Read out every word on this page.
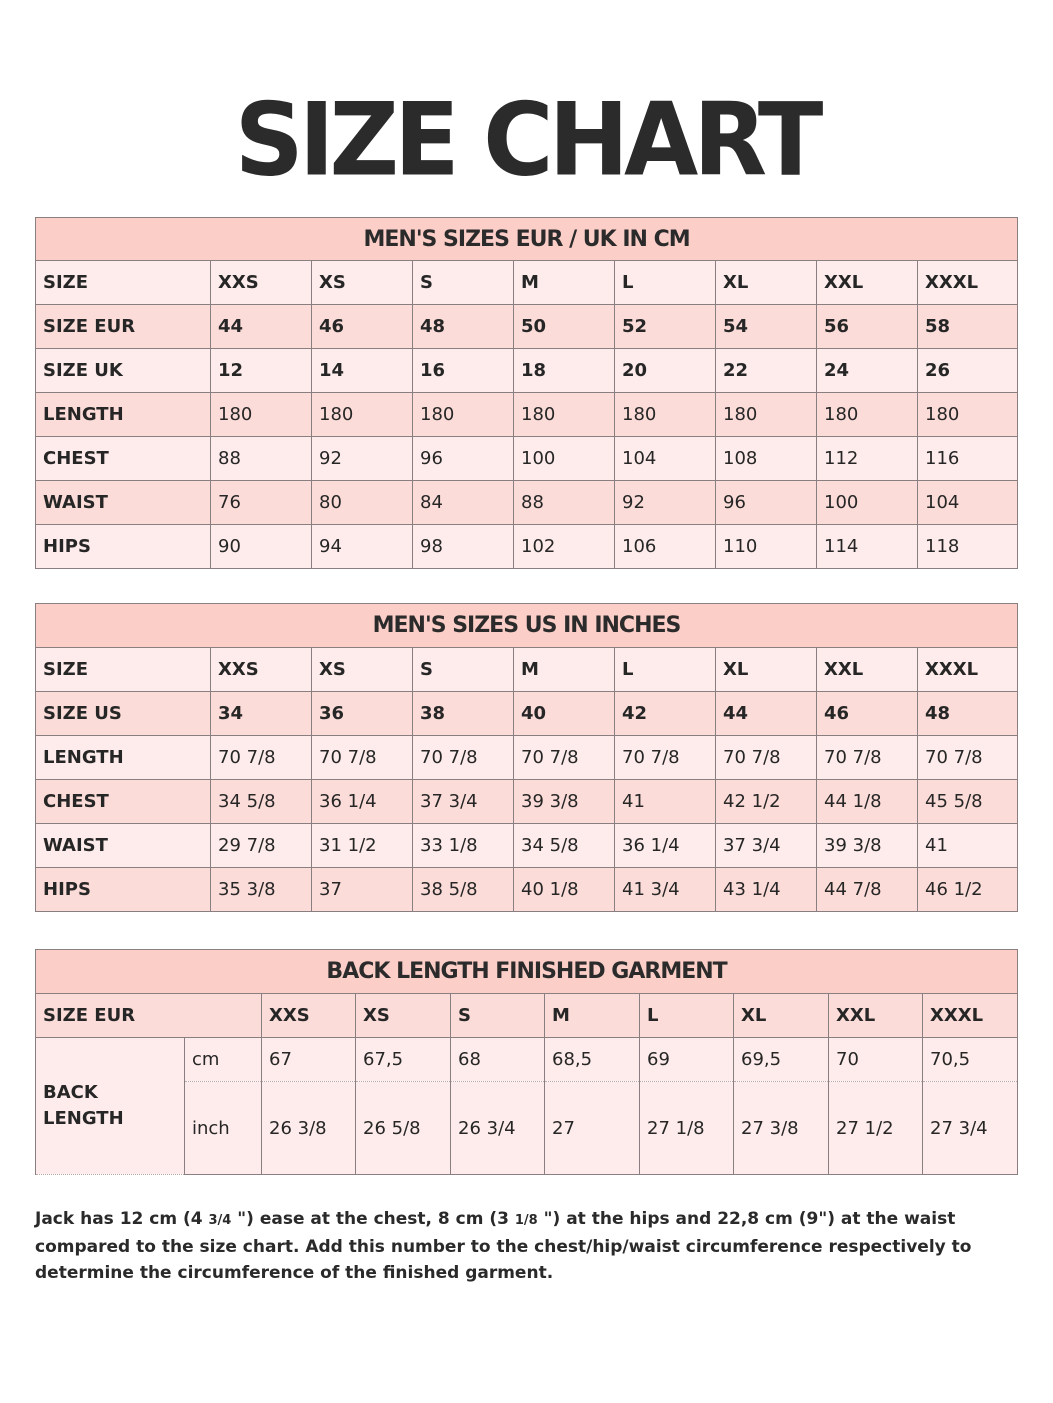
SIZE CHART
MEN'S SIZES EUR / UK IN CM								
SIZE	XXS	XS	S	M	L	XL	XXL	XXXL
SIZE EUR	44	46	48	50	52	54	56	58
SIZE UK	12	14	16	18	20	22	24	26
LENGTH	180	180	180	180	180	180	180	180
CHEST	88	92	96	100	104	108	112	116
WAIST	76	80	84	88	92	96	100	104
HIPS	90	94	98	102	106	110	114	118
MEN'S SIZES US IN INCHES								
SIZE	XXS	XS	S	M	L	XL	XXL	XXXL
SIZE US	34	36	38	40	42	44	46	48
LENGTH	70 7/8	70 7/8	70 7/8	70 7/8	70 7/8	70 7/8	70 7/8	70 7/8
CHEST	34 5/8	36 1/4	37 3/4	39 3/8	41	42 1/2	44 1/8	45 5/8
WAIST	29 7/8	31 1/2	33 1/8	34 5/8	36 1/4	37 3/4	39 3/8	41
HIPS	35 3/8	37	38 5/8	40 1/8	41 3/4	43 1/4	44 7/8	46 1/2
BACK LENGTH FINISHED GARMENT									
SIZE EUR		XXS	XS	S	M	L	XL	XXL	XXXL
BACK LENGTH	cm	67	67,5	68	68,5	69	69,5	70	70,5
	inch	26 3/8	26 5/8	26 3/4	27	27 1/8	27 3/8	27 1/2	27 3/4
Jack has 12 cm (4 3/4 ") ease at the chest, 8 cm (3 1/8 ") at the hips and 22,8 cm (9") at the waist compared to the size chart. Add this number to the chest/hip/waist circumference respectively to determine the circumference of the finished garment.
